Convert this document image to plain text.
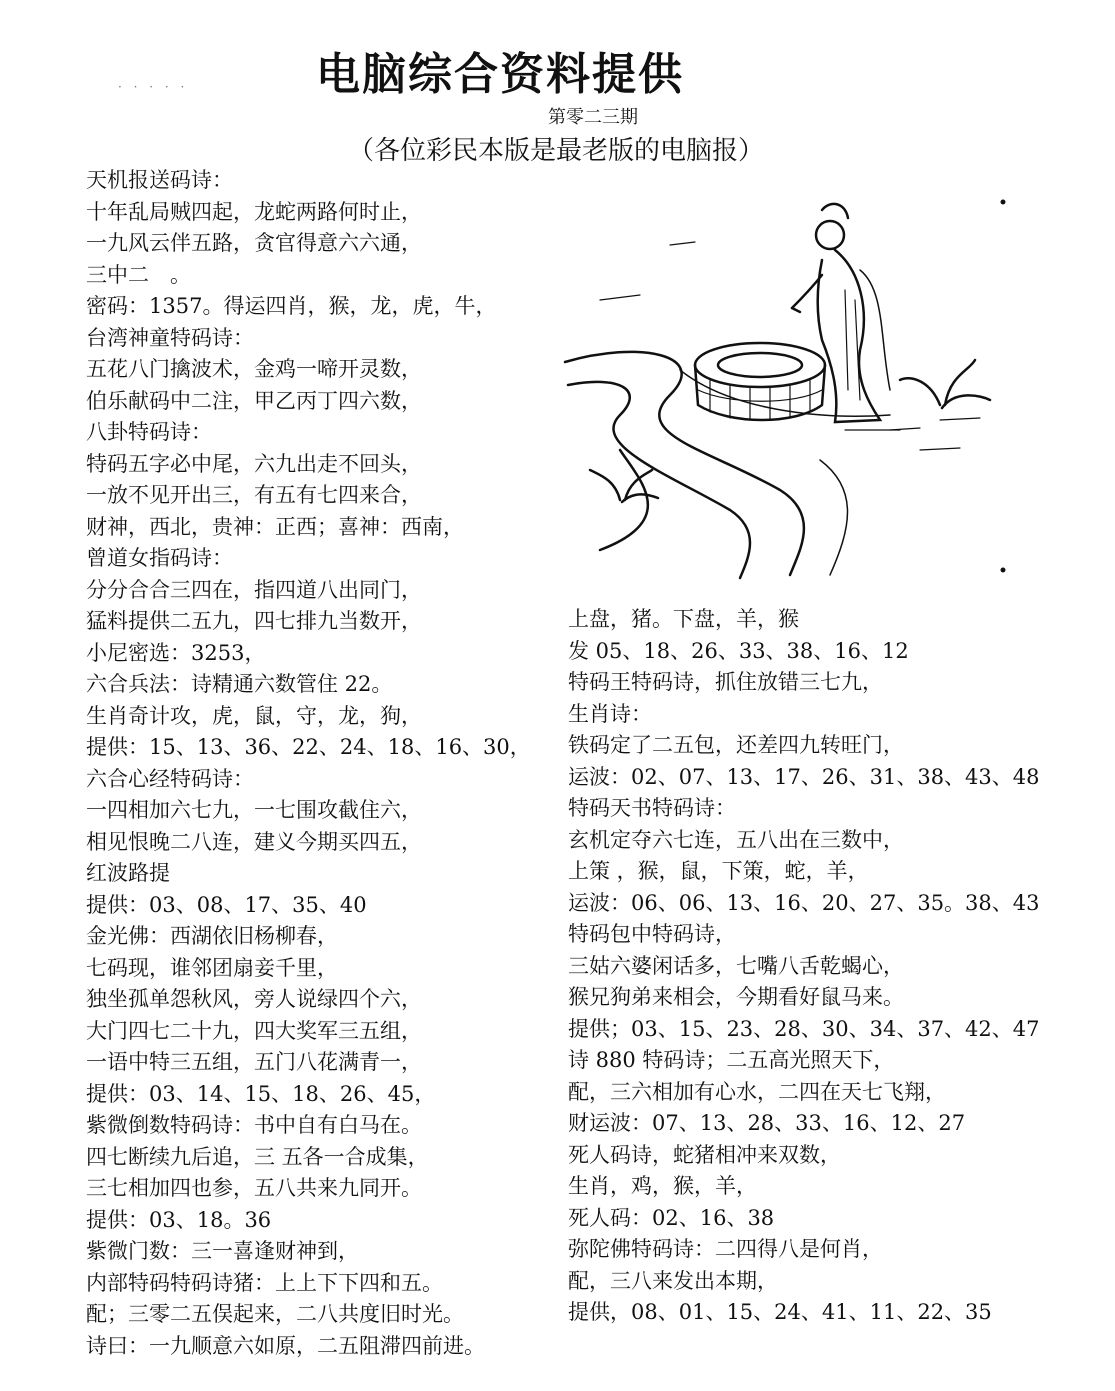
· · · · ·	电脑综合资料提供
第零二三期
（各位彩民本版是最老版的电脑报）
天机报送码诗：
十年乱局贼四起，龙蛇两路何时止，
一九风云伴五路，贪官得意六六通，
三中二　。
密码：1357。得运四肖，猴，龙，虎，牛，
台湾神童特码诗：
五花八门擒波术，金鸡一啼开灵数，
伯乐献码中二注，甲乙丙丁四六数，
八卦特码诗：
特码五字必中尾，六九出走不回头，
一放不见开出三，有五有七四来合，
财神，西北，贵神：正西；喜神：西南，
曾道女指码诗：
分分合合三四在，指四道八出同门，
猛料提供二五九，四七排九当数开，
小尼密选：3253，
六合兵法：诗精通六数管住 22。
生肖奇计攻，虎，鼠，守，龙，狗，
提供：15、13、36、22、24、18、16、30，
六合心经特码诗：
一四相加六七九，一七围攻截住六，
相见恨晚二八连，建义今期买四五，
红波路提
提供：03、08、17、35、40
金光佛：西湖依旧杨柳春，
七码现，谁邻团扇妾千里，
独坐孤单怨秋风，旁人说绿四个六，
大门四七二十九，四大奖军三五组，
一语中特三五组，五门八花满青一，
提供：03、14、15、18、26、45，
紫微倒数特码诗：书中自有白马在。
四七断续九后追，三 五各一合成集，
三七相加四也参，五八共来九同开。
提供：03、18。36
紫微门数：三一喜逢财神到，
内部特码特码诗猪：上上下下四和五。
配；三零二五俣起来，二八共度旧时光。
诗曰：一九顺意六如原，二五阻滞四前进。
上盘，猪。下盘，羊，猴
发 05、18、26、33、38、16、12
特码王特码诗，抓住放错三七九，
生肖诗：
铁码定了二五包，还差四九转旺门，
运波：02、07、13、17、26、31、38、43、48
特码天书特码诗：
玄机定夺六七连，五八出在三数中，
上策 ，猴，鼠，下策，蛇，羊，
运波：06、06、13、16、20、27、35。38、43
特码包中特码诗，
三姑六婆闲话多，七嘴八舌乾蝎心，
猴兄狗弟来相会，今期看好鼠马来。
提供；03、15、23、28、30、34、37、42、47
诗 880 特码诗；二五高光照天下，
配，三六相加有心水，二四在天七飞翔，
财运波：07、13、28、33、16、12、27
死人码诗，蛇猪相冲来双数，
生肖，鸡，猴，羊，
死人码：02、16、38
弥陀佛特码诗：二四得八是何肖，
配，三八来发出本期，
提供，08、01、15、24、41、11、22、35
